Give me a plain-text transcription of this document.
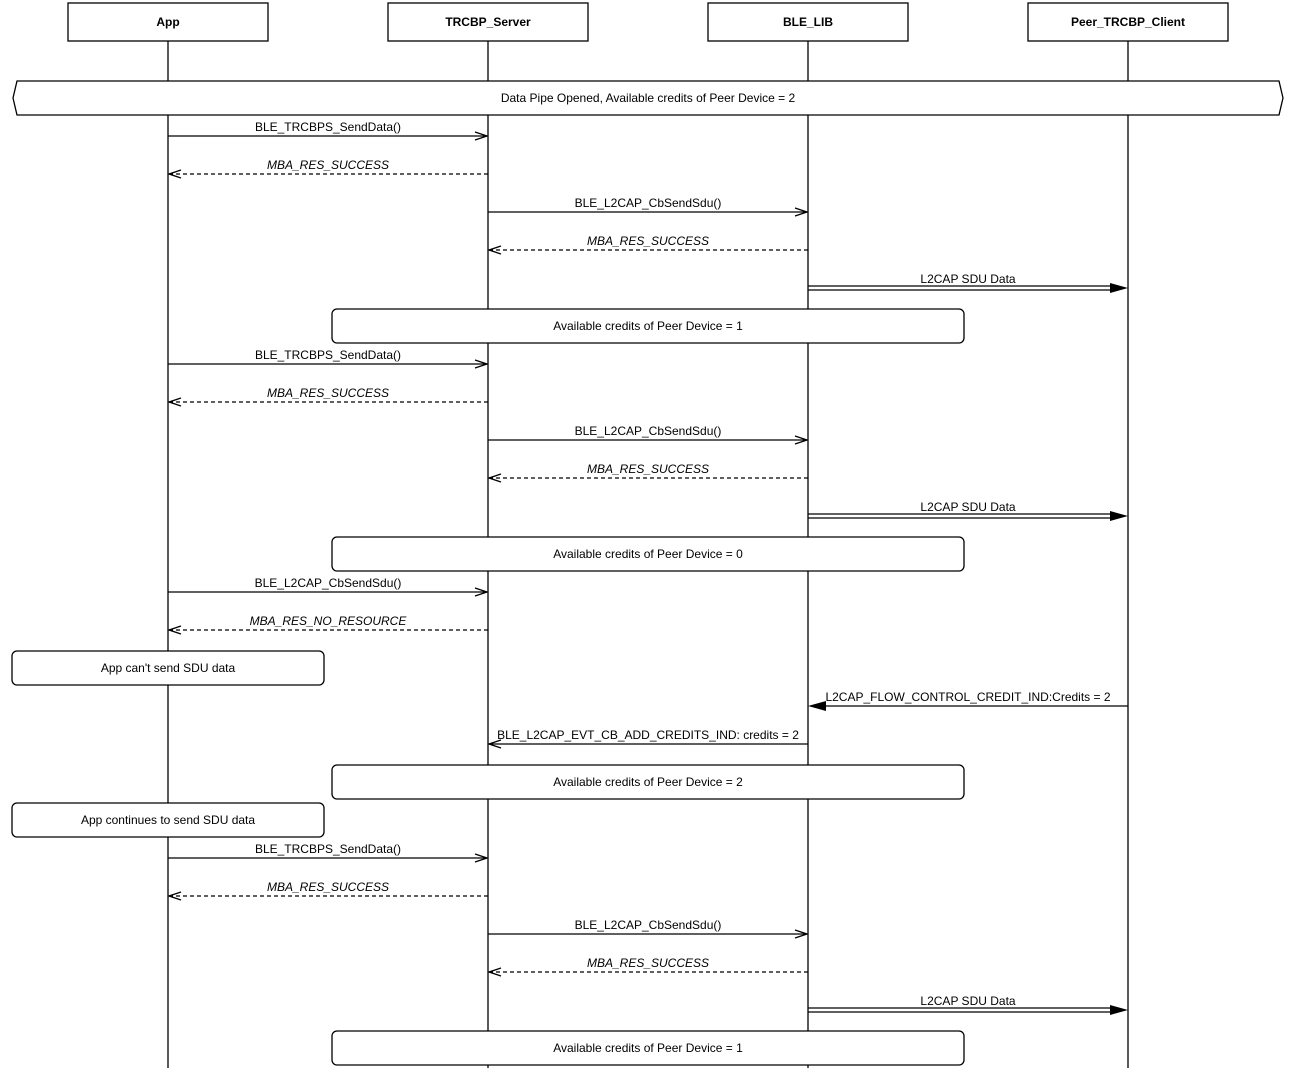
App	TRCBP_Server	BLE_LIB	Peer_TRCBP_Client
Data Pipe Opened, Available credits of Peer Device = 2
BLE_TRCBPS_SendData()
MBA_RES_SUCCESS
BLE_L2CAP_CbSendSdu()
MBA_RES_SUCCESS
L2CAP SDU Data
Available credits of Peer Device = 1
BLE_TRCBPS_SendData()
MBA_RES_SUCCESS
BLE_L2CAP_CbSendSdu()
MBA_RES_SUCCESS
L2CAP SDU Data
Available credits of Peer Device = 0
BLE_L2CAP_CbSendSdu()
MBA_RES_NO_RESOURCE
App can't send SDU data
L2CAP_FLOW_CONTROL_CREDIT_IND:Credits = 2
BLE_L2CAP_EVT_CB_ADD_CREDITS_IND: credits = 2
Available credits of Peer Device = 2
App continues to send SDU data
BLE_TRCBPS_SendData()
MBA_RES_SUCCESS
BLE_L2CAP_CbSendSdu()
MBA_RES_SUCCESS
L2CAP SDU Data
Available credits of Peer Device = 1
